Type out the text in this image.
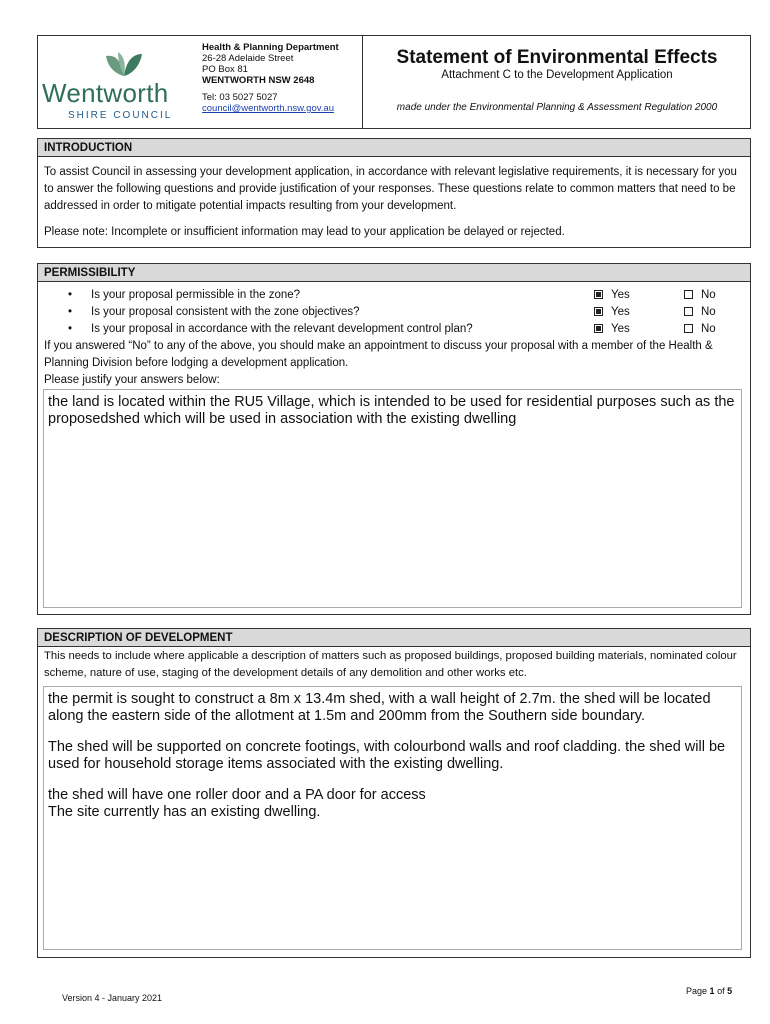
Wentworth
SHIRE COUNCIL
Health & Planning Department
26-28 Adelaide Street
PO Box 81
WENTWORTH NSW 2648
Tel: 03 5027 5027
council@wentworth.nsw.gov.au
Statement of Environmental Effects
Attachment C to the Development Application
made under the Environmental Planning & Assessment Regulation 2000
INTRODUCTION
To assist Council in assessing your development application, in accordance with relevant legislative requirements, it is necessary for you to answer the following questions and provide justification of your responses. These questions relate to common matters that need to be addressed in order to mitigate potential impacts resulting from your development.
Please note: Incomplete or insufficient information may lead to your application be delayed or rejected.
PERMISSIBILITY
• Is your proposal permissible in the zone?	Yes	No
• Is your proposal consistent with the zone objectives?	Yes	No
• Is your proposal in accordance with the relevant development control plan?	Yes	No
If you answered “No” to any of the above, you should make an appointment to discuss your proposal with a member of the Health & Planning Division before lodging a development application.
Please justify your answers below:
the land is located within the RU5 Village, which is intended to be used for residential purposes such as the proposedshed which will be used in association with the existing dwelling
DESCRIPTION OF DEVELOPMENT
This needs to include where applicable a description of matters such as proposed buildings, proposed building materials, nominated colour scheme, nature of use, staging of the development details of any demolition and other works etc.
the permit is sought to construct a 8m x 13.4m shed, with a wall height of 2.7m. the shed will be located along the eastern side of the allotment at 1.5m and 200mm from the Southern side boundary.
The shed will be supported on concrete footings, with colourbond walls and roof cladding. the shed will be used for household storage items associated with the existing dwelling.
the shed will have one roller door and a PA door for access
The site currently has an existing dwelling.
Version 4 - January 2021
Page 1 of 5
